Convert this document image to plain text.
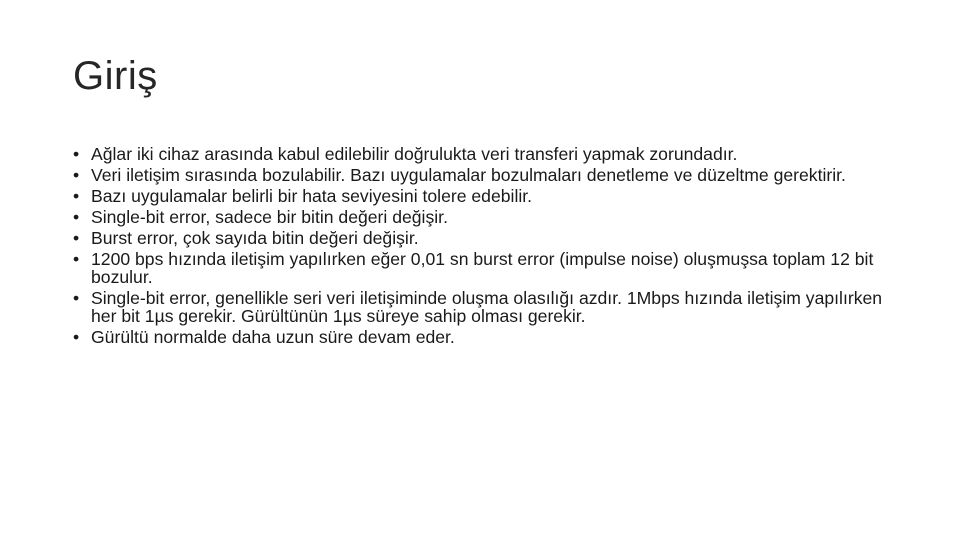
Giriş
• Ağlar iki cihaz arasında kabul edilebilir doğrulukta veri transferi yapmak zorundadır.
• Veri iletişim sırasında bozulabilir. Bazı uygulamalar bozulmaları denetleme ve düzeltme gerektirir.
• Bazı uygulamalar belirli bir hata seviyesini tolere edebilir.
• Single-bit error, sadece bir bitin değeri değişir.
• Burst error, çok sayıda bitin değeri değişir.
• 1200 bps hızında iletişim yapılırken eğer 0,01 sn burst error (impulse noise) oluşmuşsa toplam 12 bit bozulur.
• Single-bit error, genellikle seri veri iletişiminde oluşma olasılığı azdır. 1Mbps hızında iletişim yapılırken her bit 1µs gerekir. Gürültünün 1µs süreye sahip olması gerekir.
• Gürültü normalde daha uzun süre devam eder.
